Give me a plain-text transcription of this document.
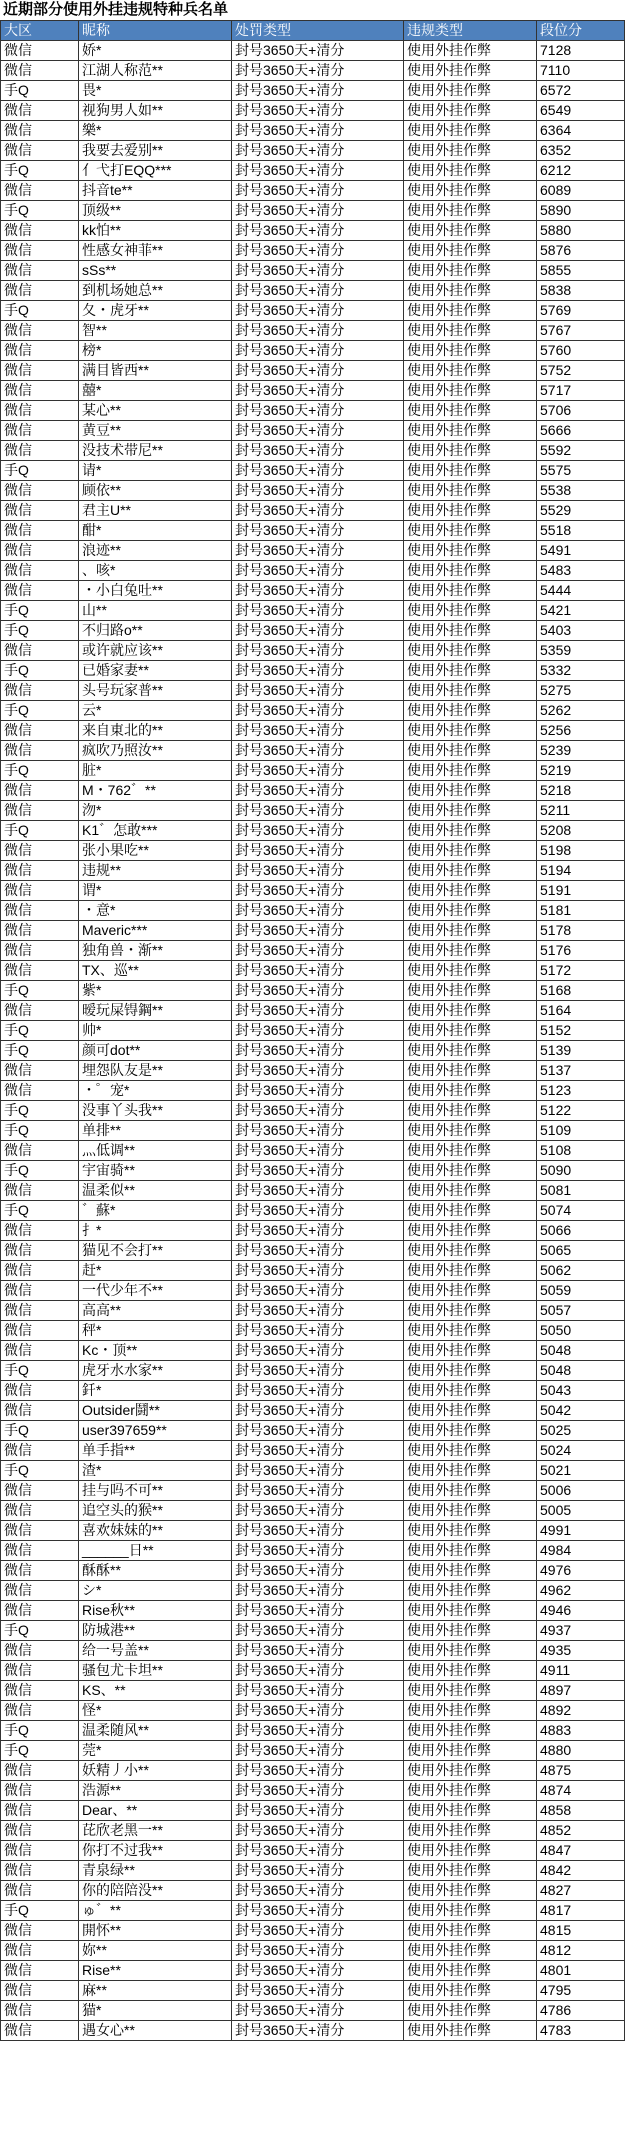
近期部分使用外挂违规特种兵名单
大区	昵称	处罚类型	违规类型	段位分
微信	娇*	封号3650天+清分	使用外挂作弊	7128
微信	江湖人称范**	封号3650天+清分	使用外挂作弊	7110
手Q	畏*	封号3650天+清分	使用外挂作弊	6572
微信	视狗男人如**	封号3650天+清分	使用外挂作弊	6549
微信	樂*	封号3650天+清分	使用外挂作弊	6364
微信	我要去爱别**	封号3650天+清分	使用外挂作弊	6352
手Q	亻弋打EQQ***	封号3650天+清分	使用外挂作弊	6212
微信	抖音te**	封号3650天+清分	使用外挂作弊	6089
手Q	顶级**	封号3650天+清分	使用外挂作弊	5890
微信	kk怕**	封号3650天+清分	使用外挂作弊	5880
微信	性感女神菲**	封号3650天+清分	使用外挂作弊	5876
微信	sSs**	封号3650天+清分	使用外挂作弊	5855
微信	到机场她总**	封号3650天+清分	使用外挂作弊	5838
手Q	夂・虎牙**	封号3650天+清分	使用外挂作弊	5769
微信	智**	封号3650天+清分	使用外挂作弊	5767
微信	榜*	封号3650天+清分	使用外挂作弊	5760
微信	满目皆西**	封号3650天+清分	使用外挂作弊	5752
微信	囍*	封号3650天+清分	使用外挂作弊	5717
微信	某心**	封号3650天+清分	使用外挂作弊	5706
微信	黄豆**	封号3650天+清分	使用外挂作弊	5666
微信	没技术带尼**	封号3650天+清分	使用外挂作弊	5592
手Q	请*	封号3650天+清分	使用外挂作弊	5575
微信	顾依**	封号3650天+清分	使用外挂作弊	5538
微信	君主U**	封号3650天+清分	使用外挂作弊	5529
微信	酣*	封号3650天+清分	使用外挂作弊	5518
微信	浪迹**	封号3650天+清分	使用外挂作弊	5491
微信	、咳*	封号3650天+清分	使用外挂作弊	5483
微信	・小白兔吐**	封号3650天+清分	使用外挂作弊	5444
手Q	山**	封号3650天+清分	使用外挂作弊	5421
手Q	不归路o**	封号3650天+清分	使用外挂作弊	5403
微信	或许就应该**	封号3650天+清分	使用外挂作弊	5359
手Q	已婚家妻**	封号3650天+清分	使用外挂作弊	5332
微信	头号玩家普**	封号3650天+清分	使用外挂作弊	5275
手Q	云*	封号3650天+清分	使用外挂作弊	5262
微信	来自東北的**	封号3650天+清分	使用外挂作弊	5256
微信	疯吹乃照汝**	封号3650天+清分	使用外挂作弊	5239
手Q	脏*	封号3650天+清分	使用外挂作弊	5219
微信	M・762゛**	封号3650天+清分	使用外挂作弊	5218
微信	沕*	封号3650天+清分	使用外挂作弊	5211
手Q	K1゛怎敢***	封号3650天+清分	使用外挂作弊	5208
微信	张小果吃**	封号3650天+清分	使用外挂作弊	5198
微信	违规**	封号3650天+清分	使用外挂作弊	5194
微信	谓*	封号3650天+清分	使用外挂作弊	5191
微信	・意*	封号3650天+清分	使用外挂作弊	5181
微信	Maveric***	封号3650天+清分	使用外挂作弊	5178
微信	独角兽・渐**	封号3650天+清分	使用外挂作弊	5176
微信	TX、巡**	封号3650天+清分	使用外挂作弊	5172
手Q	紫*	封号3650天+清分	使用外挂作弊	5168
微信	暧玩屎锝鋼**	封号3650天+清分	使用外挂作弊	5164
手Q	帅*	封号3650天+清分	使用外挂作弊	5152
手Q	颜可dot**	封号3650天+清分	使用外挂作弊	5139
微信	埋怨队友是**	封号3650天+清分	使用外挂作弊	5137
微信	・゜宠*	封号3650天+清分	使用外挂作弊	5123
手Q	没事丫头我**	封号3650天+清分	使用外挂作弊	5122
手Q	单排**	封号3650天+清分	使用外挂作弊	5109
微信	灬低调**	封号3650天+清分	使用外挂作弊	5108
手Q	宇宙骑**	封号3650天+清分	使用外挂作弊	5090
微信	温柔似**	封号3650天+清分	使用外挂作弊	5081
手Q	゛蘇*	封号3650天+清分	使用外挂作弊	5074
微信	扌*	封号3650天+清分	使用外挂作弊	5066
微信	猫见不会打**	封号3650天+清分	使用外挂作弊	5065
微信	赶*	封号3650天+清分	使用外挂作弊	5062
微信	一代少年不**	封号3650天+清分	使用外挂作弊	5059
微信	高高**	封号3650天+清分	使用外挂作弊	5057
微信	秤*	封号3650天+清分	使用外挂作弊	5050
微信	Kc・顶**	封号3650天+清分	使用外挂作弊	5048
手Q	虎牙水水家**	封号3650天+清分	使用外挂作弊	5048
微信	釺*	封号3650天+清分	使用外挂作弊	5043
微信	Outsider鬪**	封号3650天+清分	使用外挂作弊	5042
手Q	user397659**	封号3650天+清分	使用外挂作弊	5025
微信	单手指**	封号3650天+清分	使用外挂作弊	5024
手Q	渣*	封号3650天+清分	使用外挂作弊	5021
微信	挂与吗不可**	封号3650天+清分	使用外挂作弊	5006
微信	追空头的猴**	封号3650天+清分	使用外挂作弊	5005
微信	喜欢妹妹的**	封号3650天+清分	使用外挂作弊	4991
微信	______日**	封号3650天+清分	使用外挂作弊	4984
微信	酥酥**	封号3650天+清分	使用外挂作弊	4976
微信	シ*	封号3650天+清分	使用外挂作弊	4962
微信	Rise秋**	封号3650天+清分	使用外挂作弊	4946
手Q	防城港**	封号3650天+清分	使用外挂作弊	4937
微信	给一号盖**	封号3650天+清分	使用外挂作弊	4935
微信	骚包尤卡坦**	封号3650天+清分	使用外挂作弊	4911
微信	KS、**	封号3650天+清分	使用外挂作弊	4897
微信	怪*	封号3650天+清分	使用外挂作弊	4892
手Q	温柔随风**	封号3650天+清分	使用外挂作弊	4883
手Q	莞*	封号3650天+清分	使用外挂作弊	4880
微信	妖精丿小**	封号3650天+清分	使用外挂作弊	4875
微信	浩源**	封号3650天+清分	使用外挂作弊	4874
微信	Dear、**	封号3650天+清分	使用外挂作弊	4858
微信	芘欣老黑一**	封号3650天+清分	使用外挂作弊	4852
微信	你打不过我**	封号3650天+清分	使用外挂作弊	4847
微信	青泉绿**	封号3650天+清分	使用外挂作弊	4842
微信	你的陪陪没**	封号3650天+清分	使用外挂作弊	4827
手Q	ゅ゛**	封号3650天+清分	使用外挂作弊	4817
微信	開怀**	封号3650天+清分	使用外挂作弊	4815
微信	妳**	封号3650天+清分	使用外挂作弊	4812
微信	Rise**	封号3650天+清分	使用外挂作弊	4801
微信	麻**	封号3650天+清分	使用外挂作弊	4795
微信	猫*	封号3650天+清分	使用外挂作弊	4786
微信	遇女心**	封号3650天+清分	使用外挂作弊	4783
